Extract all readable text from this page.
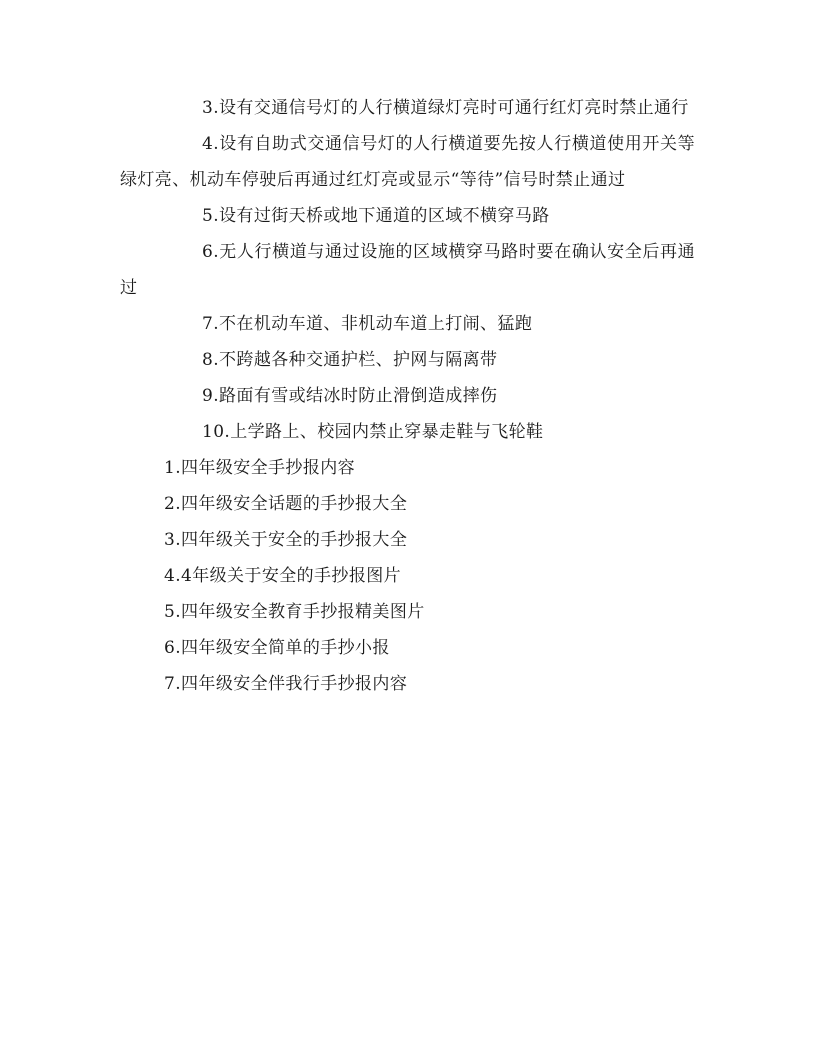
3.设有交通信号灯的人行横道绿灯亮时可通行红灯亮时禁止通行

4.设有自助式交通信号灯的人行横道要先按人行横道使用开关等绿灯亮、机动车停驶后再通过红灯亮或显示“等待”信号时禁止通过

5.设有过街天桥或地下通道的区域不横穿马路

6.无人行横道与通过设施的区域横穿马路时要在确认安全后再通过

7.不在机动车道、非机动车道上打闹、猛跑

8.不跨越各种交通护栏、护网与隔离带

9.路面有雪或结冰时防止滑倒造成摔伤

10.上学路上、校园内禁止穿暴走鞋与飞轮鞋

1.四年级安全手抄报内容
2.四年级安全话题的手抄报大全
3.四年级关于安全的手抄报大全
4.4年级关于安全的手抄报图片
5.四年级安全教育手抄报精美图片
6.四年级安全简单的手抄小报
7.四年级安全伴我行手抄报内容
